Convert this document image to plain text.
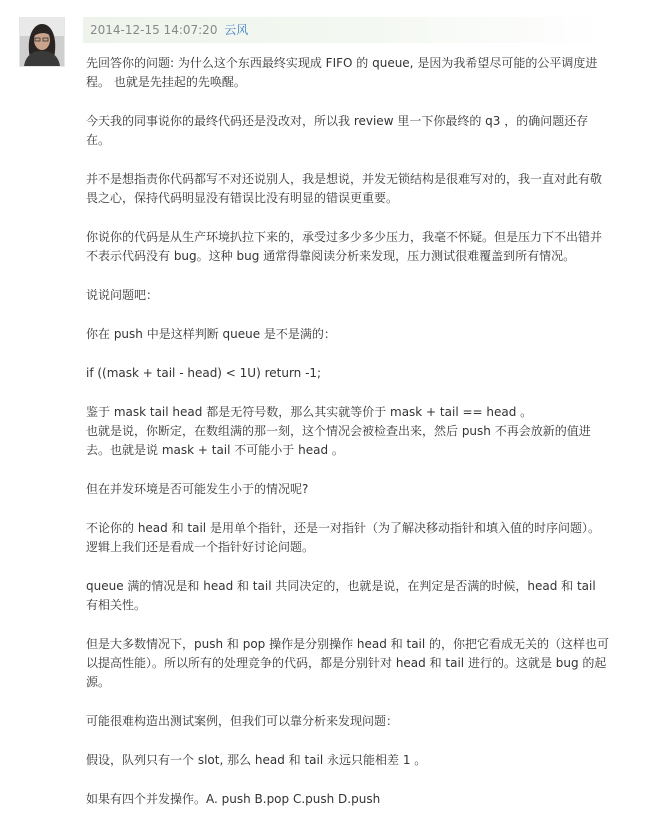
2014-12-15 14:07:20 云风

先回答你的问题: 为什么这个东西最终实现成 FIFO 的 queue, 是因为我希望尽可能的公平调度进程。 也就是先挂起的先唤醒。

今天我的同事说你的最终代码还是没改对，所以我 review 里一下你最终的 q3 ，的确问题还存在。

并不是想指责你代码都写不对还说别人，我是想说，并发无锁结构是很难写对的，我一直对此有敬畏之心，保持代码明显没有错误比没有明显的错误更重要。

你说你的代码是从生产环境扒拉下来的，承受过多少多少压力，我毫不怀疑。但是压力下不出错并不表示代码没有 bug。这种 bug 通常得靠阅读分析来发现，压力测试很难覆盖到所有情况。

说说问题吧：

你在 push 中是这样判断 queue 是不是满的：

if ((mask + tail - head) < 1U) return -1;

鉴于 mask tail head 都是无符号数，那么其实就等价于 mask + tail == head 。

也就是说，你断定，在数组满的那一刻，这个情况会被检查出来，然后 push 不再会放新的值进去。也就是说 mask + tail 不可能小于 head 。

但在并发环境是否可能发生小于的情况呢?

不论你的 head 和 tail 是用单个指针，还是一对指针（为了解决移动指针和填入值的时序问题）。逻辑上我们还是看成一个指针好讨论问题。

queue 满的情况是和 head 和 tail 共同决定的，也就是说，在判定是否满的时候，head 和 tail 有相关性。

但是大多数情况下，push 和 pop 操作是分别操作 head 和 tail 的，你把它看成无关的（这样也可以提高性能）。所以所有的处理竞争的代码，都是分别针对 head 和 tail 进行的。这就是 bug 的起源。

可能很难构造出测试案例，但我们可以靠分析来发现问题：

假设，队列只有一个 slot, 那么 head 和 tail 永远只能相差 1 。

如果有四个并发操作。A. push B.pop C.push D.push
